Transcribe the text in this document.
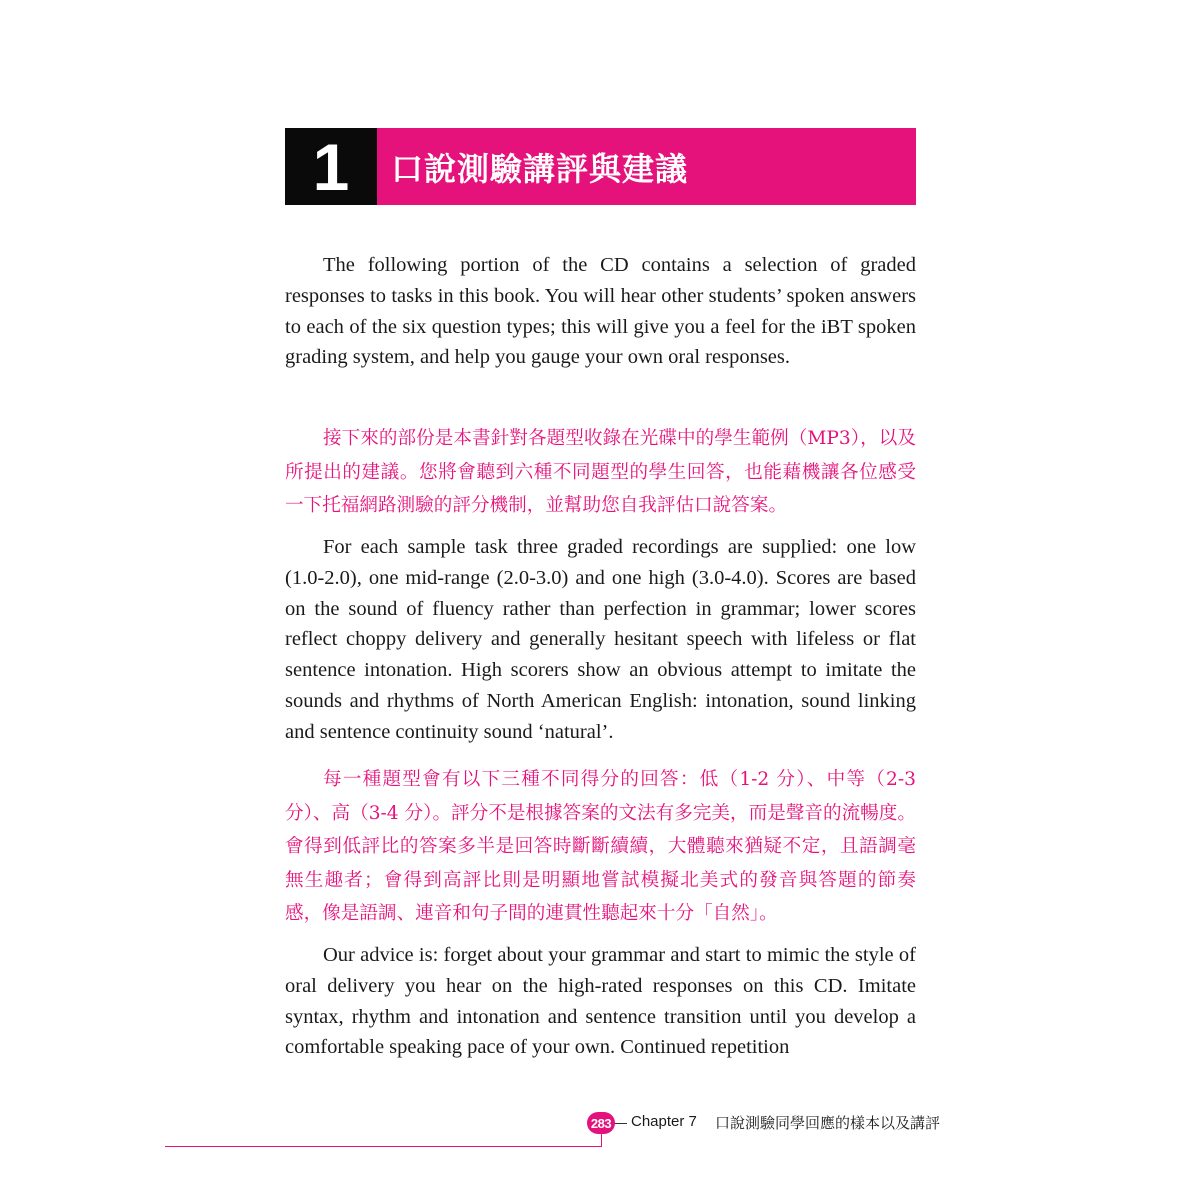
1	口說測驗講評與建議

The following portion of the CD contains a selection of graded responses to tasks in this book. You will hear other students’ spoken answers to each of the six question types; this will give you a feel for the iBT spoken grading system, and help you gauge your own oral responses.

接下來的部份是本書針對各題型收錄在光碟中的學生範例（MP3），以及所提出的建議。您將會聽到六種不同題型的學生回答，也能藉機讓各位感受一下托福網路測驗的評分機制，並幫助您自我評估口說答案。

For each sample task three graded recordings are supplied: one low (1.0-2.0), one mid-range (2.0-3.0) and one high (3.0-4.0). Scores are based on the sound of fluency rather than perfection in grammar; lower scores reflect choppy delivery and generally hesitant speech with lifeless or flat sentence intonation. High scorers show an obvious attempt to imitate the sounds and rhythms of North American English: intonation, sound linking and sentence continuity sound ‘natural’.

每一種題型會有以下三種不同得分的回答：低（1-2 分）、中等（2-3 分）、高（3-4 分）。評分不是根據答案的文法有多完美，而是聲音的流暢度。會得到低評比的答案多半是回答時斷斷續續，大體聽來猶疑不定，且語調毫無生趣者；會得到高評比則是明顯地嘗試模擬北美式的發音與答題的節奏感，像是語調、連音和句子間的連貫性聽起來十分「自然」。

Our advice is: forget about your grammar and start to mimic the style of oral delivery you hear on the high-rated responses on this CD. Imitate syntax, rhythm and intonation and sentence transition until you develop a comfortable speaking pace of your own. Continued repetition

283 Chapter 7 口說測驗同學回應的樣本以及講評
